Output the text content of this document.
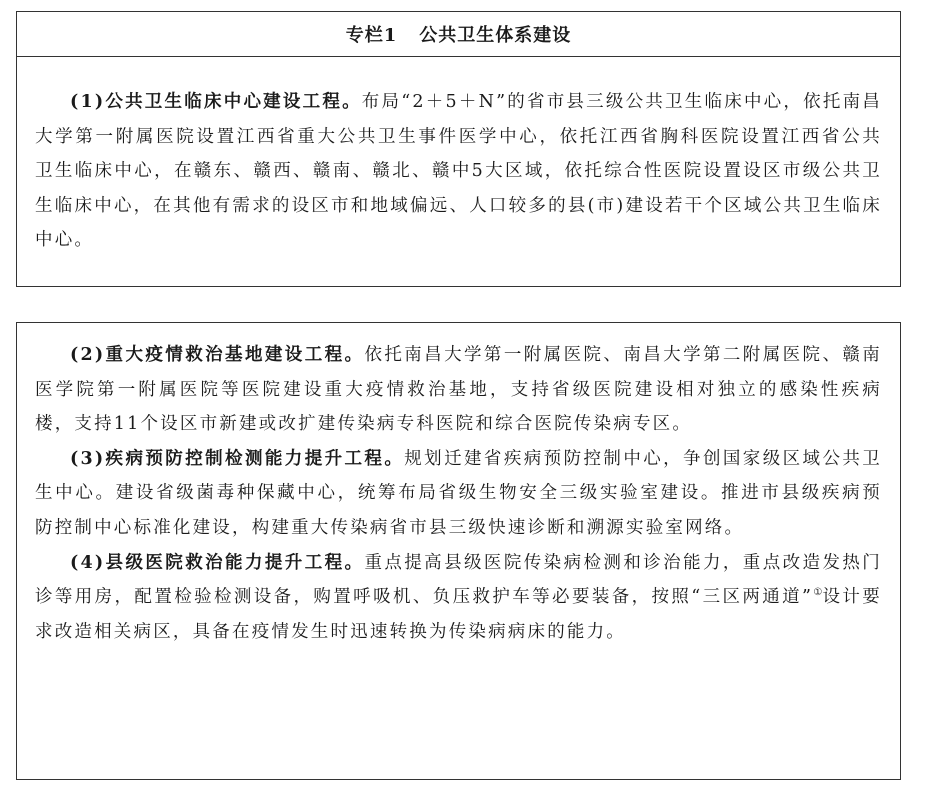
专栏1 公共卫生体系建设

(1)公共卫生临床中心建设工程。布局“2＋5＋N”的省市县三级公共卫生临床中心，依托南昌大学第一附属医院设置江西省重大公共卫生事件医学中心，依托江西省胸科医院设置江西省公共卫生临床中心，在赣东、赣西、赣南、赣北、赣中5大区域，依托综合性医院设置设区市级公共卫生临床中心，在其他有需求的设区市和地域偏远、人口较多的县(市)建设若干个区域公共卫生临床中心。

(2)重大疫情救治基地建设工程。依托南昌大学第一附属医院、南昌大学第二附属医院、赣南医学院第一附属医院等医院建设重大疫情救治基地，支持省级医院建设相对独立的感染性疾病楼，支持11个设区市新建或改扩建传染病专科医院和综合医院传染病专区。

(3)疾病预防控制检测能力提升工程。规划迁建省疾病预防控制中心，争创国家级区域公共卫生中心。建设省级菌毒种保藏中心，统筹布局省级生物安全三级实验室建设。推进市县级疾病预防控制中心标准化建设，构建重大传染病省市县三级快速诊断和溯源实验室网络。

(4)县级医院救治能力提升工程。重点提高县级医院传染病检测和诊治能力，重点改造发热门诊等用房，配置检验检测设备，购置呼吸机、负压救护车等必要装备，按照“三区两通道”①设计要求改造相关病区，具备在疫情发生时迅速转换为传染病病床的能力。
